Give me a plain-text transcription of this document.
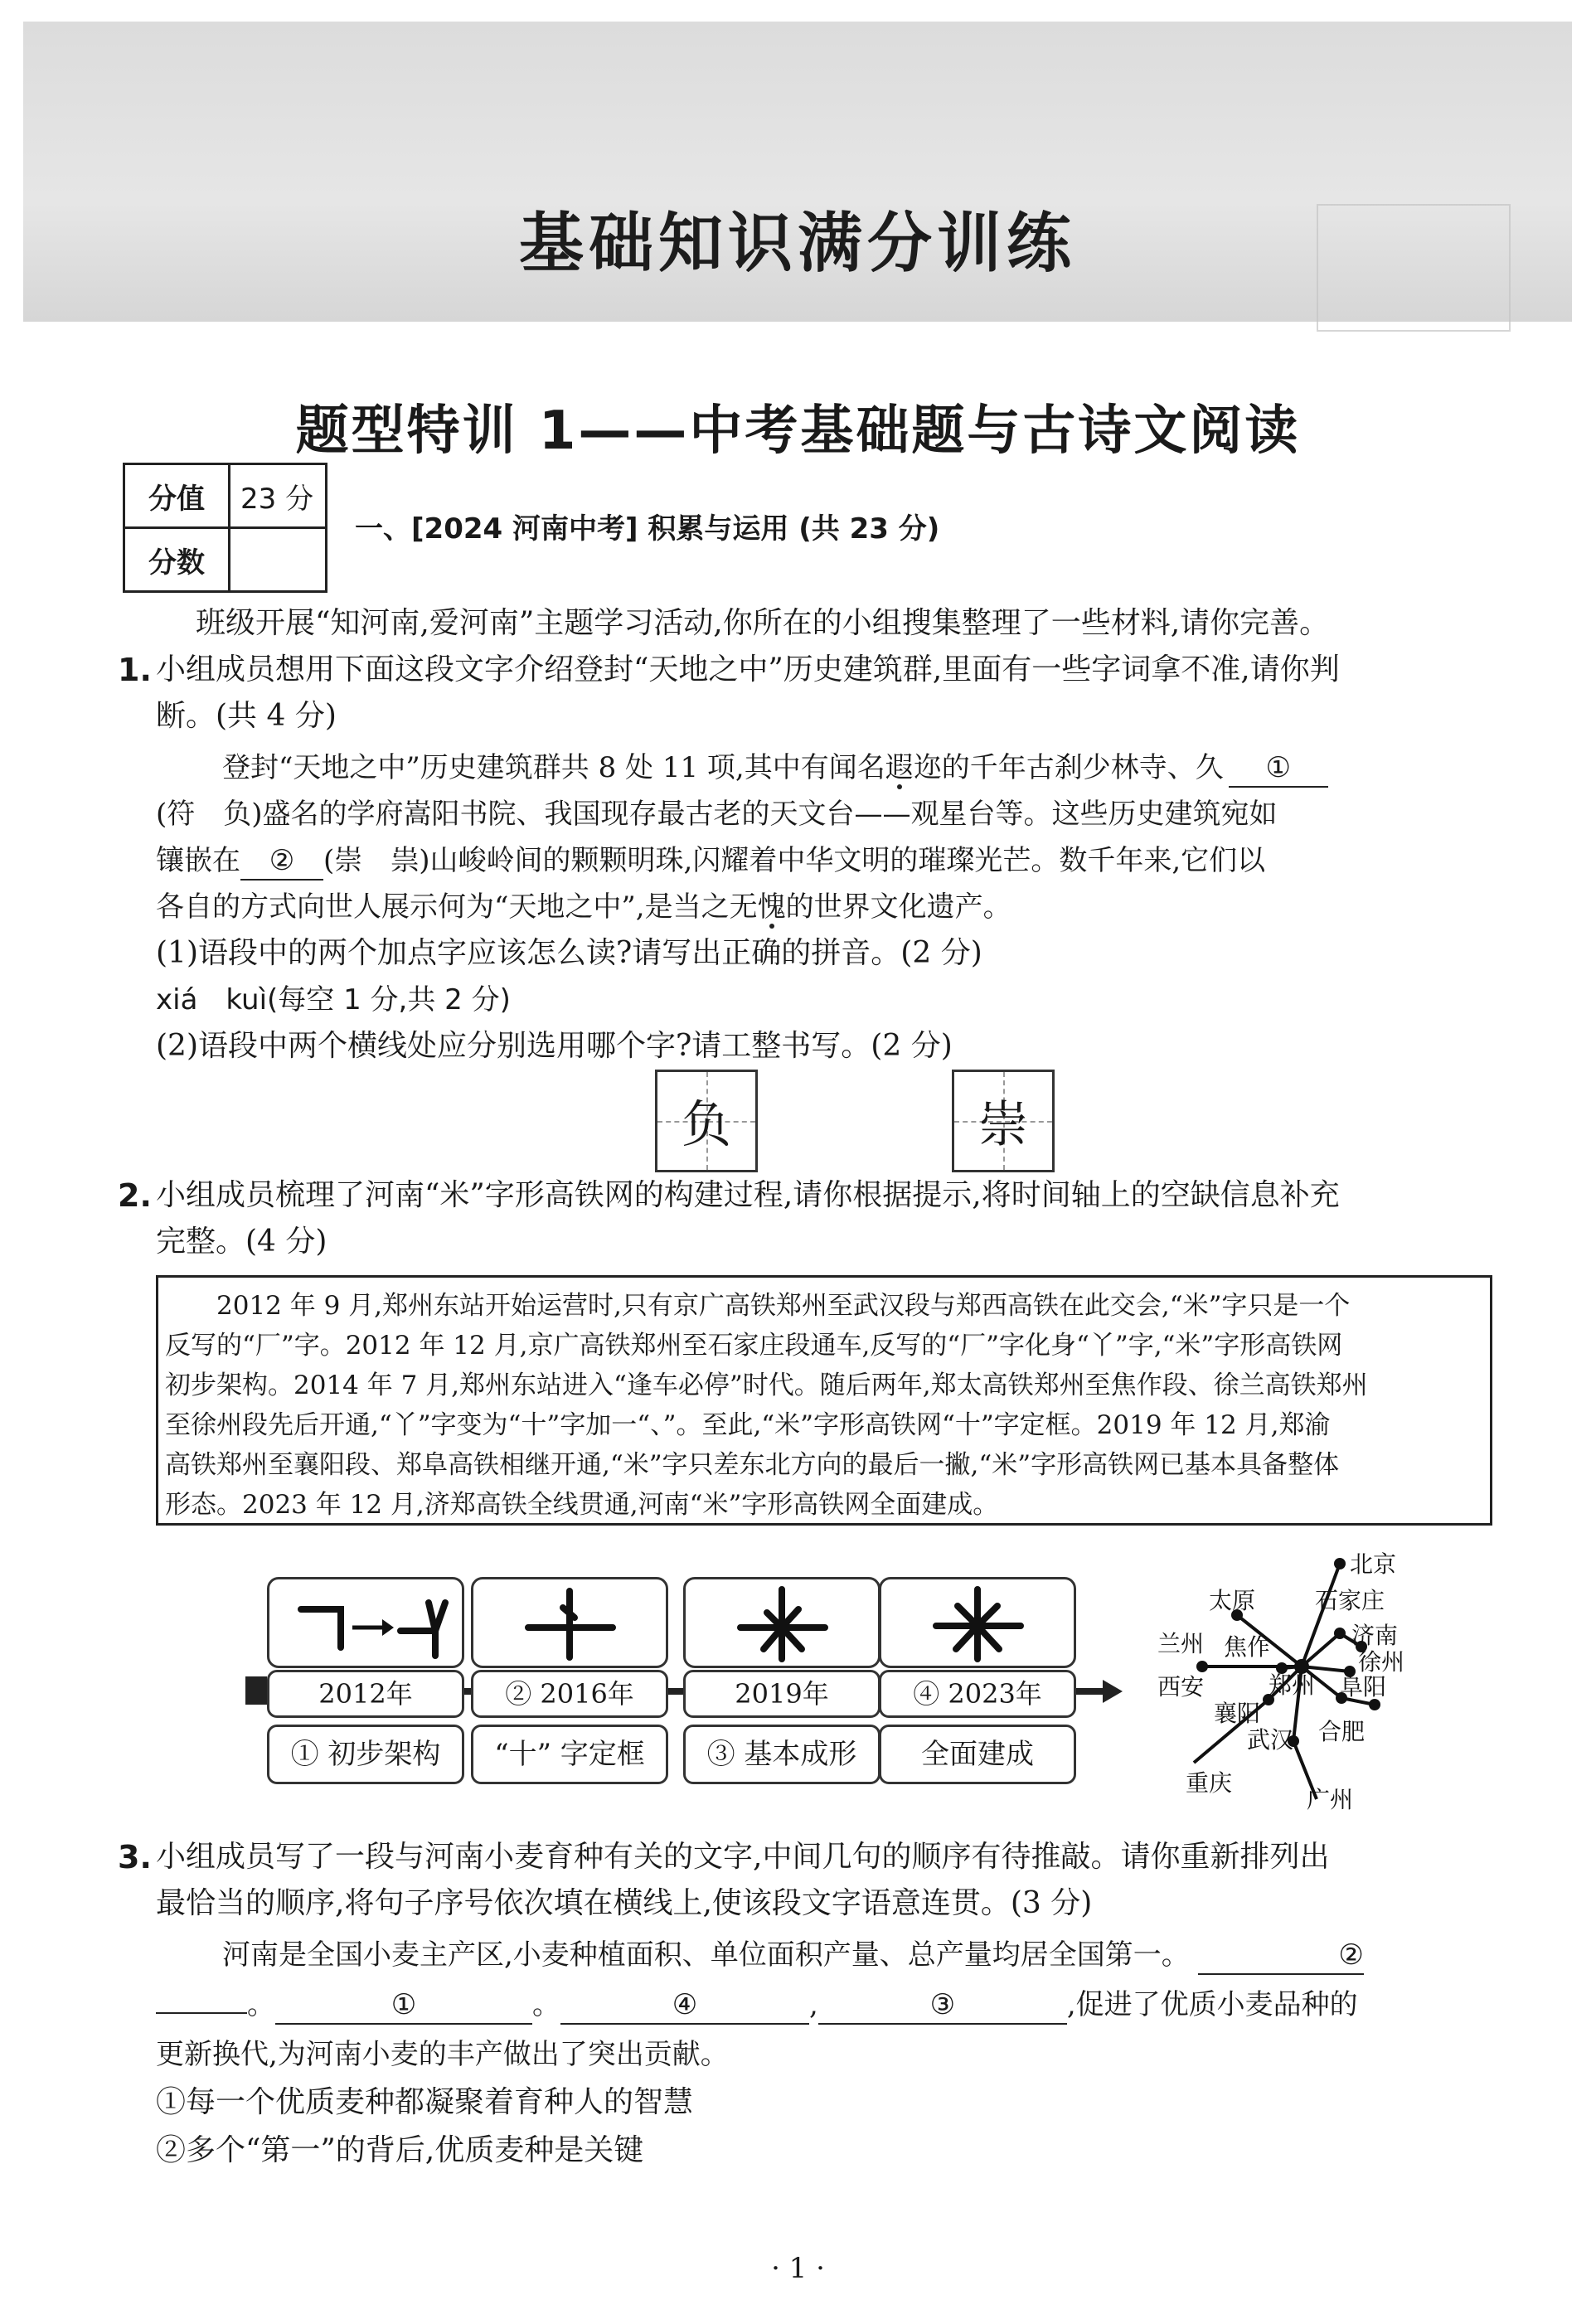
基础知识满分训练
题型特训 1——中考基础题与古诗文阅读
分值	23 分
分数	
一、[2024 河南中考] 积累与运用 (共 23 分)
班级开展“知河南,爱河南”主题学习活动,你所在的小组搜集整理了一些材料,请你完善。
1. 小组成员想用下面这段文字介绍登封“天地之中”历史建筑群,里面有一些字词拿不准,请你判
断。(共 4 分)
登封“天地之中”历史建筑群共 8 处 11 项,其中有闻名遐迩的千年古刹少林寺、久 ①
(符　负)盛名的学府嵩阳书院、我国现存最古老的天文台——观星台等。这些历史建筑宛如
镶嵌在 ② (崇　祟)山峻岭间的颗颗明珠,闪耀着中华文明的璀璨光芒。数千年来,它们以
各自的方式向世人展示何为“天地之中”,是当之无愧的世界文化遗产。
(1)语段中的两个加点字应该怎么读?请写出正确的拼音。(2 分)
xiá　kuì(每空 1 分,共 2 分)
(2)语段中两个横线处应分别选用哪个字?请工整书写。(2 分)
负	崇
2. 小组成员梳理了河南“米”字形高铁网的构建过程,请你根据提示,将时间轴上的空缺信息补充
完整。(4 分)
　　2012 年 9 月,郑州东站开始运营时,只有京广高铁郑州至武汉段与郑西高铁在此交会,“米”字只是一个
反写的“厂”字。2012 年 12 月,京广高铁郑州至石家庄段通车,反写的“厂”字化身“丫”字,“米”字形高铁网
初步架构。2014 年 7 月,郑州东站进入“逢车必停”时代。随后两年,郑太高铁郑州至焦作段、徐兰高铁郑州
至徐州段先后开通,“丫”字变为“十”字加一“、”。至此,“米”字形高铁网“十”字定框。2019 年 12 月,郑渝
高铁郑州至襄阳段、郑阜高铁相继开通,“米”字只差东北方向的最后一撇,“米”字形高铁网已基本具备整体
形态。2023 年 12 月,济郑高铁全线贯通,河南“米”字形高铁网全面建成。
2012年	② 2016年	2019年	④ 2023年
① 初步架构	“十” 字定框	③ 基本成形	全面建成
北京
太原	石家庄
济南
兰州 焦作
徐州
西安	郑州 阜阳
襄阳
武汉 合肥
重庆
广州
3. 小组成员写了一段与河南小麦育种有关的文字,中间几句的顺序有待推敲。请你重新排列出
最恰当的顺序,将句子序号依次填在横线上,使该段文字语意连贯。(3 分)
河南是全国小麦主产区,小麦种植面积、单位面积产量、总产量均居全国第一。	②
。	①	。	④	,	③	,促进了优质小麦品种的
更新换代,为河南小麦的丰产做出了突出贡献。
①每一个优质麦种都凝聚着育种人的智慧
②多个“第一”的背后,优质麦种是关键
· 1 ·
